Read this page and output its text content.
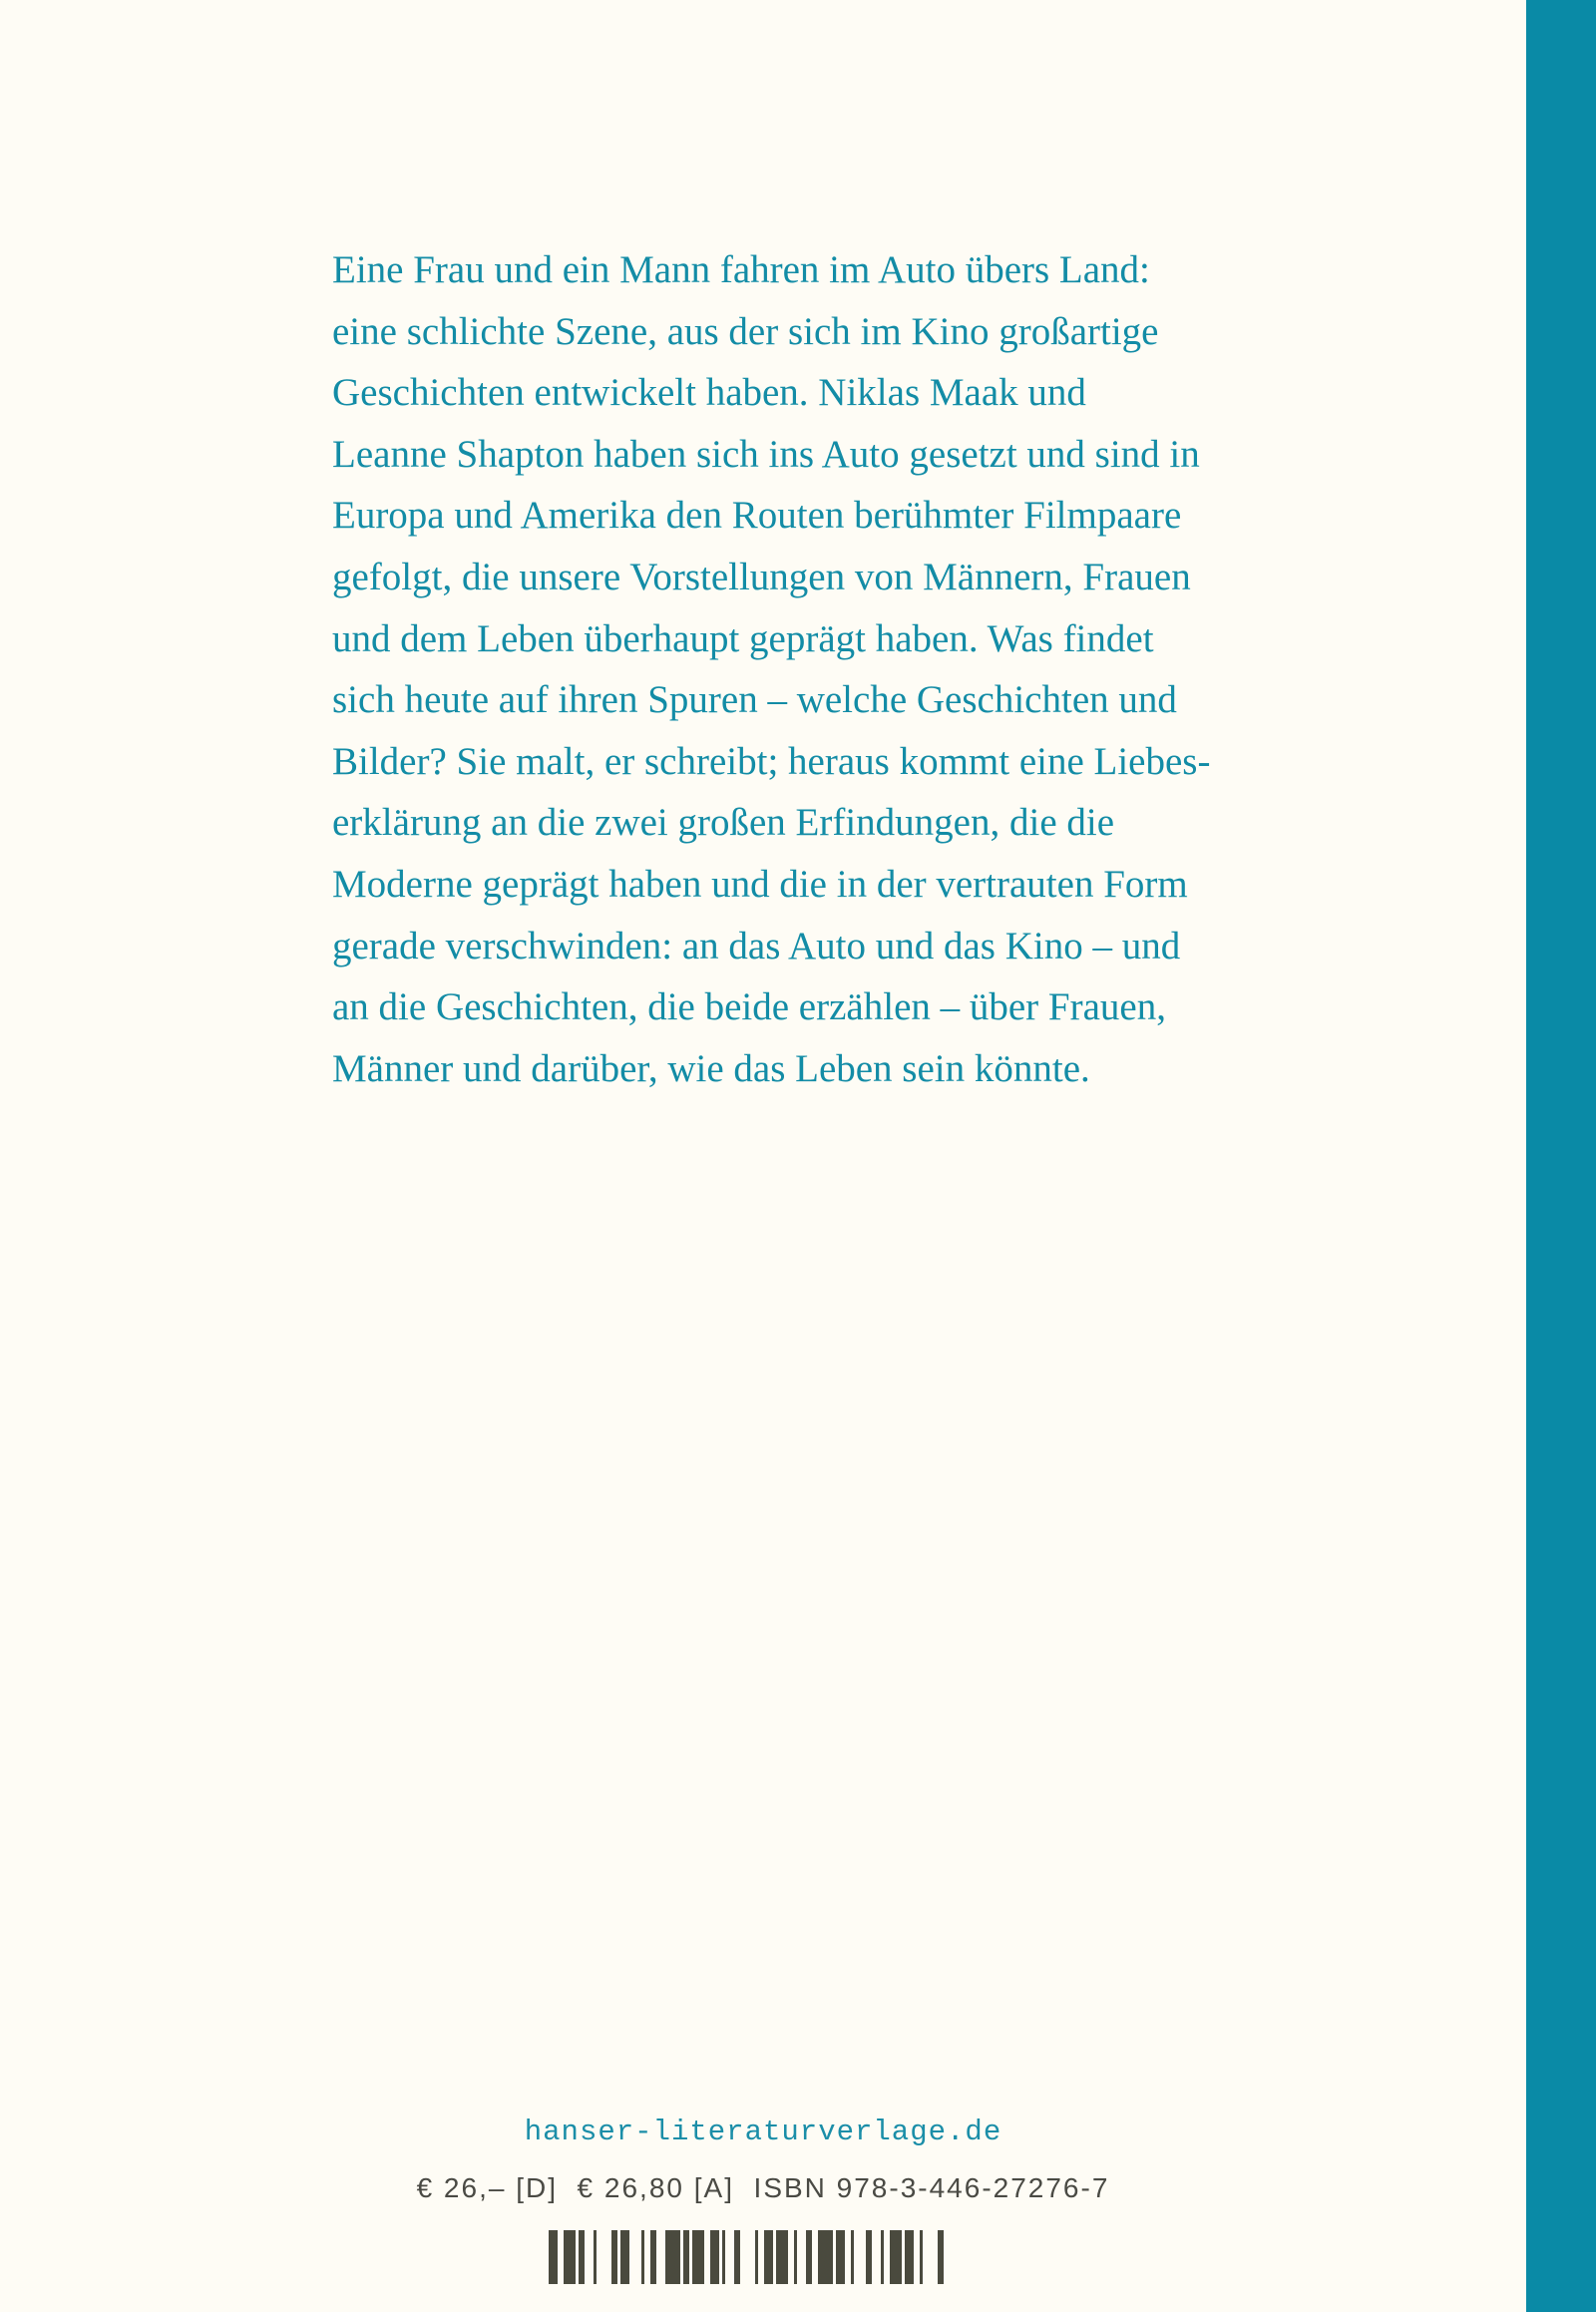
Eine Frau und ein Mann fahren im Auto übers Land:
eine schlichte Szene, aus der sich im Kino großartige
Geschichten entwickelt haben. Niklas Maak und
Leanne Shapton haben sich ins Auto gesetzt und sind in
Europa und Amerika den Routen berühmter Filmpaare
gefolgt, die unsere Vorstellungen von Männern, Frauen
und dem Leben überhaupt geprägt haben. Was findet
sich heute auf ihren Spuren – welche Geschichten und
Bilder? Sie malt, er schreibt; heraus kommt eine Liebes-
erklärung an die zwei großen Erfindungen, die die
Moderne geprägt haben und die in der vertrauten Form
gerade verschwinden: an das Auto und das Kino – und
an die Geschichten, die beide erzählen – über Frauen,
Männer und darüber, wie das Leben sein könnte.
hanser-literaturverlage.de
€ 26,– [D]  € 26,80 [A]  ISBN 978-3-446-27276-7
